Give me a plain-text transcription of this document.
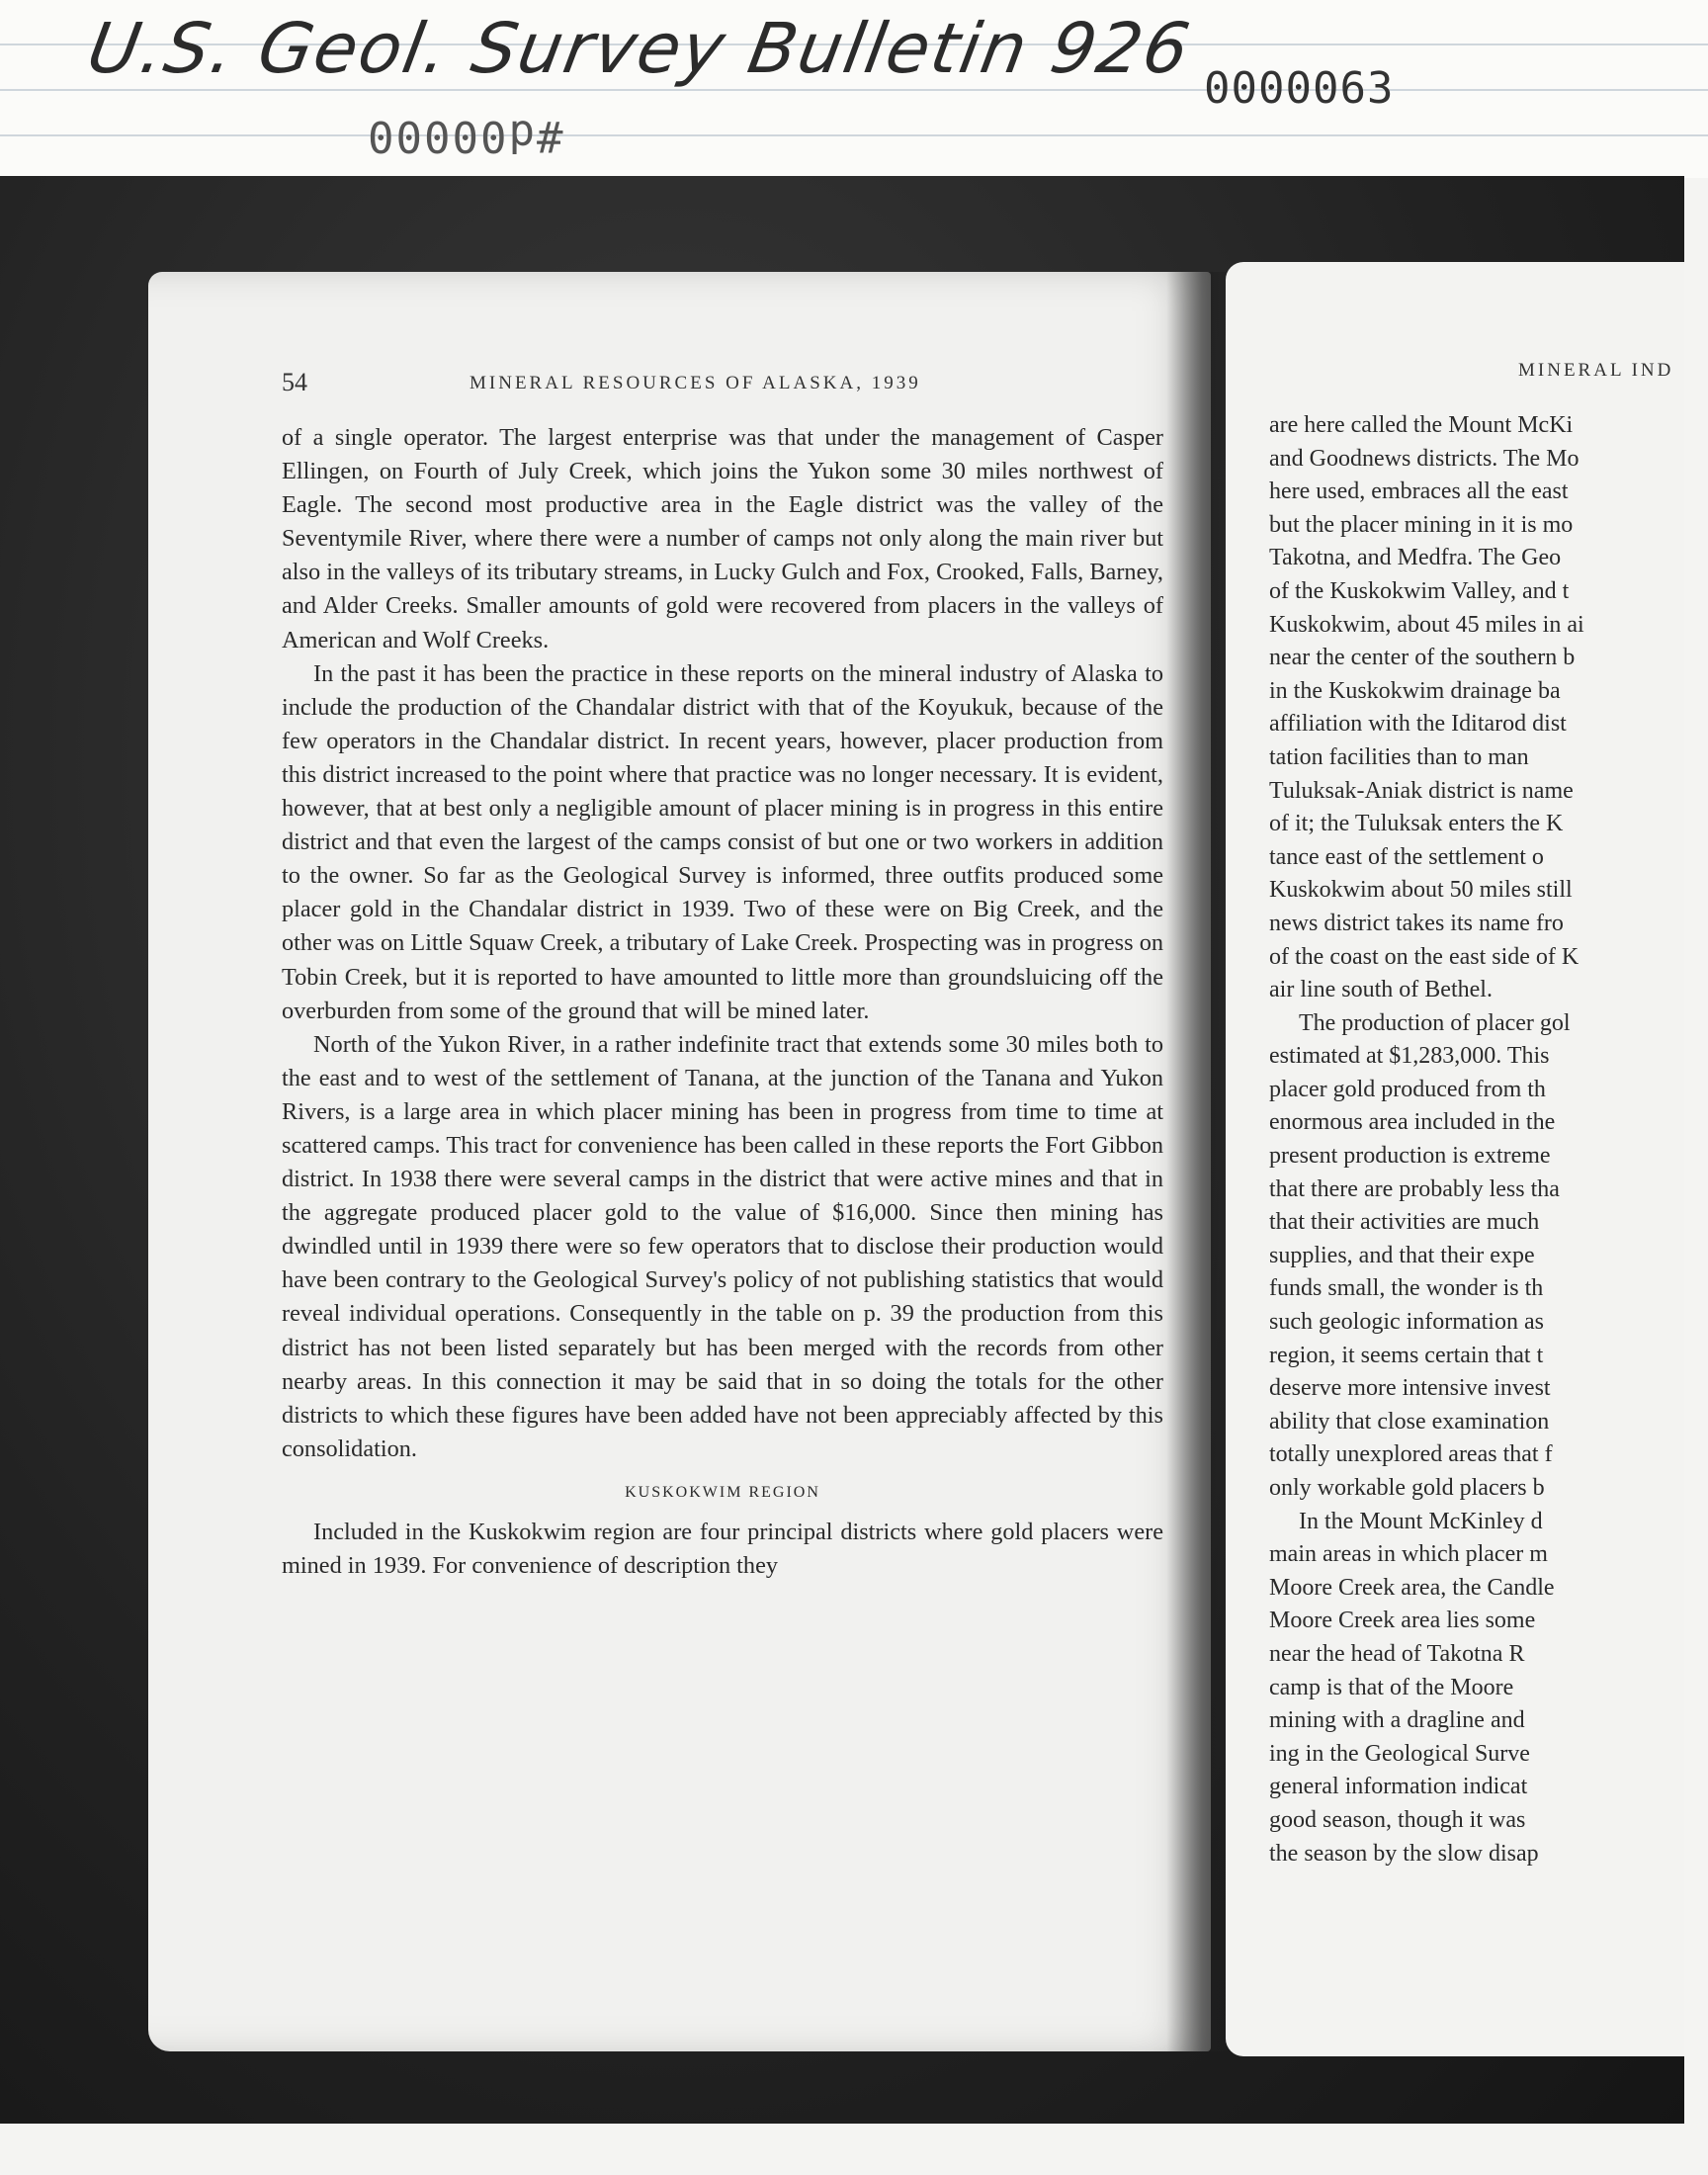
U.S. Geol. Survey Bulletin 926 0000063
#d00000
54	MINERAL RESOURCES OF ALASKA, 1939

of a single operator. The largest enterprise was that under the management of Casper Ellingen, on Fourth of July Creek, which joins the Yukon some 30 miles northwest of Eagle. The second most productive area in the Eagle district was the valley of the Seventymile River, where there were a number of camps not only along the main river but also in the valleys of its tributary streams, in Lucky Gulch and Fox, Crooked, Falls, Barney, and Alder Creeks. Smaller amounts of gold were recovered from placers in the valleys of American and Wolf Creeks.

In the past it has been the practice in these reports on the mineral industry of Alaska to include the production of the Chandalar district with that of the Koyukuk, because of the few operators in the Chandalar district. In recent years, however, placer production from this district increased to the point where that practice was no longer necessary. It is evident, however, that at best only a negligible amount of placer mining is in progress in this entire district and that even the largest of the camps consist of but one or two workers in addition to the owner. So far as the Geological Survey is informed, three outfits produced some placer gold in the Chandalar district in 1939. Two of these were on Big Creek, and the other was on Little Squaw Creek, a tributary of Lake Creek. Prospecting was in progress on Tobin Creek, but it is reported to have amounted to little more than groundsluicing off the overburden from some of the ground that will be mined later.

North of the Yukon River, in a rather indefinite tract that extends some 30 miles both to the east and to west of the settlement of Tanana, at the junction of the Tanana and Yukon Rivers, is a large area in which placer mining has been in progress from time to time at scattered camps. This tract for convenience has been called in these reports the Fort Gibbon district. In 1938 there were several camps in the district that were active mines and that in the aggregate produced placer gold to the value of $16,000. Since then mining has dwindled until in 1939 there were so few operators that to disclose their production would have been contrary to the Geological Survey's policy of not publishing statistics that would reveal individual operations. Consequently in the table on p. 39 the production from this district has not been listed separately but has been merged with the records from other nearby areas. In this connection it may be said that in so doing the totals for the other districts to which these figures have been added have not been appreciably affected by this consolidation.

KUSKOKWIM REGION

Included in the Kuskokwim region are four principal districts where gold placers were mined in 1939. For convenience of description they

MINERAL IND
are here called the Mount McKi
and Goodnews districts. The Mo
here used, embraces all the east
but the placer mining in it is mo
Takotna, and Medfra. The Geo
of the Kuskokwim Valley, and t
Kuskokwim, about 45 miles in ai
near the center of the southern b
in the Kuskokwim drainage ba
affiliation with the Iditarod dist
tation facilities than to man
Tuluksak-Aniak district is name
of it; the Tuluksak enters the K
tance east of the settlement o
Kuskokwim about 50 miles still
news district takes its name fro
of the coast on the east side of K
air line south of Bethel.
The production of placer gol
estimated at $1,283,000. This
placer gold produced from th
enormous area included in the
present production is extreme
that there are probably less tha
that their activities are much
supplies, and that their expe
funds small, the wonder is th
such geologic information as
region, it seems certain that t
deserve more intensive invest
ability that close examination
totally unexplored areas that f
only workable gold placers b
In the Mount McKinley d
main areas in which placer m
Moore Creek area, the Candle
Moore Creek area lies some
near the head of Takotna R
camp is that of the Moore
mining with a dragline and
ing in the Geological Surve
general information indicat
good season, though it was
the season by the slow disap
